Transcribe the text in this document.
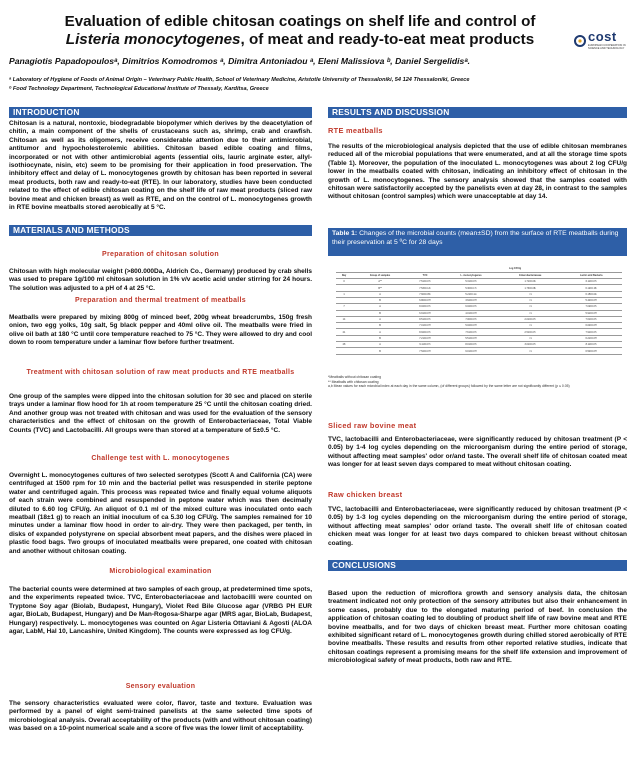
Evaluation of edible chitosan coatings on shelf life and control of
Listeria monocytogenes, of meat and ready-to-eat meat products	cost
EUROPEAN COOPERATION IN SCIENCE AND TECHNOLOGY
Panagiotis Papadopoulosᵃ, Dimitrios Komodromos ᵃ, Dimitra Antoniadou ᵃ, Eleni Malissiova ᵇ, Daniel Sergelidisᵃ.
ᵃ Laboratory of Hygiene of Foods of Animal Origin – Veterinary Public Health, School of Veterinary Medicine, Aristotle University of Thessaloniki, 54 124 Thessaloniki, Greece
ᵇ Food Technology Department, Technological Educational Institute of Thessaly, Karditsa, Greece
INTRODUCTION
Chitosan is a natural, nontoxic, biodegradable biopolymer which derives by the deacetylation of chitin, a main component of the shells of crustaceans such as, shrimp, crab and crawfish. Chitosan as well as its oligomers, receive considerable attention due to their antimicrobial, antitumor and hypocholesterolemic abilities. Chitosan based edible coating and films, incorporated or not with other antimicrobial agents (essential oils, lauric arginate ester, allyl- isothiocynate, nisin, etc) seem to be promising for their application in food preservation. The inhibitory effect and delay of L. monocytogenes growth by chitosan has been reported in several meat products, both raw and ready-to-eat (RTE). In our laboratory, studies have been conducted related to the effect of edible chitosan coating on the shelf life of raw meat products (sliced raw bovine meat and chicken breast) as well as RTE, and on the control of L. monocytogenes growth in RTE bovine meatballs stored aerobically at 5 °C.
MATERIALS AND METHODS
Preparation of chitosan solution
Chitosan with high molecular weight (>800.000Da, Aldrich Co., Germany) produced by crab shells was used to prepare 1g/100 ml chitosan solution in 1% v/v acetic acid under stirring for 24 hours. The solution was adjusted to a pH of 4 at 25 °C.
Preparation and thermal treatment of meatballs
Meatballs were prepared by mixing 800g of minced beef, 200g wheat breadcrumbs, 150g fresh onion, two egg yolks, 10g salt, 5g black pepper and 40ml olive oil. The meatballs were fried in olive oil bath at 180 °C until core temperature reached to 75 °C. They were allowed to dry and cool down to room temperature under a laminar flow before further treatment.
Treatment with chitosan solution of raw meat products and RTE meatballs
One group of the samples were dipped into the chitosan solution for 30 sec and placed on sterile trays under a laminar flow hood for 1h at room temperature 25 °C until the chitosan coating dried. And another group was not treated with chitosan and was used for the evaluation of the sensory characteristics and the effect of chitosan on the growth of Enterobacteriaceae, Total Viable Counts (TVC) and Lactobacilli. All groups were than stored at a temperature of 5±0.5 °C.
Challenge test with L. monocytogenes
Overnight L. monocytogenes cultures of two selected serotypes (Scott A and California (CA) were centrifuged at 1500 rpm for 10 min and the bacterial pellet was resuspended in sterile peptone water and centrifuged again. This process was repeated twice and finally equal volume aliquots of each strain were combined and resuspended in peptone water which was then decimally diluted to 6.60 log CFU/g. An aliquot of 0.1 ml of the mixed culture was inoculated onto each meatball (18±1 g) to reach an initial inoculum of ca 5.30 log CFU/g. The samples remained for 10 minutes under a laminar flow hood in order to air-dry. They were then packaged, per tenth, in disks of expanded polystyrene on special absorbent meat papers, and the dishes were placed in plastic food bags. Two groups of inoculated meatballs were prepared, one coated with chitosan and another without chitosan coating.
Microbiological examination
The bacterial counts were determined at two samples of each group, at predetermined time spots, and the experiments repeated twice. TVC, Enterobacteriaceae and lactobacilli were counted on Tryptone Soy agar (Biolab, Budapest, Hungary), Violet Red Bile Glucose agar (VRBG PH EUR agar, BioLab, Budapest, Hungary) and De Man-Rogosa-Sharpe agar (MRS agar, BioLab, Budapest, Hungary) respectively. L. monocytogenes was counted on Agar Listeria Ottaviani & Agosti (ALOA agar, LabM, Hal 10, Lancashire, United Kingdom). The counts were expressed as log CFU/g.
Sensory evaluation
The sensory characteristics evaluated were color, flavor, taste and texture. Evaluation was performed by a panel of eight semi-trained panelists at the same selected time spots of microbiological analysis. Overall acceptability of the products (with and without chitosan coating) was based on a 10-point numerical scale and a score of five was the lower limit of acceptability.
RESULTS AND DISCUSSION
RTE meatballs
The results of the microbiological analysis depicted that the use of edible chitosan membranes reduced all of the microbial populations that were enumerated, and at all the storage time spots (Table 1). Moreover, the population of the inoculated L. monocytogenes was about 2 log CFU/g lower in the meatballs coated with chitosan, indicating an inhibitory effect of chitosan in the growth of L. monocytogenes. The sensory analysis showed that the samples coated with chitosan were satisfactorily accepted by the panelists even at day 28, in contrast to the samples without chitosan (control samples) which were unacceptable at day 14.
Table 1: Changes of the microbial counts (mean±SD) from the surface of RTE meatballs during their preservation at 5 ºC for 28 days
		Log CFU/g			
Day	Group of samples	TVC	L. monocytogenes	Enterobacteriaceae	Lactic acid Bacteria
0	A**	7.51±0.07ᵃ	5.31±0.07ᵃ	1.71±0.03ᵃ	6.11±0.07ᵃ
	B**	7.53±0.13ᵃ	5.30±0.17ᵃ	1.73±0.08ᵃ	6.12±0.15ᵃ
1	A	7.60±0.05ᵃ	5.21±0.11ᵃ	<1	6.15±0.04ᵃ
	B	6.80±0.07ᵇ	3.62±0.07ᵇ	<1	5.42±0.07ᵇ
7	A	8.02±0.07ᵃ	6.02±0.07ᵃ	<1	7.02±0.07ᵃ
	B	6.91±0.07ᵇ	4.01±0.07ᵇ	<1	5.91±0.07ᵇ
14	A	8.51±0.07ᵃ	7.00±0.07ᵃ	2.01±0.07ᵃ	7.61±0.07ᵃ
	B	7.01±0.07ᵇ	5.02±0.07ᵇ	<1	6.02±0.07ᵇ
21	A	8.92±0.07ᵃ	7.61±0.07ᵃ	2.51±0.07ᵃ	7.91±0.07ᵃ
	B	7.21±0.07ᵇ	5.51±0.07ᵇ	<1	6.21±0.07ᵇ
28	A	9.11±0.07ᵃ	8.01±0.07ᵃ	3.01±0.07ᵃ	8.11±0.07ᵃ
	B	7.52±0.07ᵇ	6.01±0.07ᵇ	<1	6.52±0.07ᵇ
*Meatballs without chitosan coating
** Meatballs with chitosan coating
a,b Mean values for each microbial index at each day in the same column, (of different groups) followed by the same letter are not significantly different (p ≤ 0.05)
Sliced raw bovine meat
TVC, lactobacilli and Enterobacteriaceae, were significantly reduced by chitosan treatment (P < 0.05) by 1-4 log cycles depending on the microorganism during the entire period of storage, without affecting meat samples' odor or/and taste. The overall shelf life of chitosan coated meat was longer for at least seven days compared to meat without chitosan coating.
Raw chicken breast
TVC, lactobacilli and Enterobacteriaceae, were significantly reduced by chitosan treatment (P < 0.05) by 1-3 log cycles depending on the microorganism during the entire period of storage, without affecting meat samples' odor or/and taste. The overall shelf life of chitosan coated chicken meat was longer for at least two days compared to chicken breast without chitosan coating.
CONCLUSIONS
Based upon the reduction of microflora growth and sensory analysis data, the chitosan treatment indicated not only protection of the sensory attributes but also their enhancement in some cases, probably due to the elongated maturing period of beef. In conclusion the application of chitosan coating led to doubling of product shelf life of raw bovine meat and RTE bovine meatballs, and for two days of chicken breast meat. Further more chitosan coating exhibited significant retard of L. monocytogenes growth during chilled stored aerobically of RTE bovine meatballs. These results and results from other reported relative studies, indicate that chitosan coatings represent a promising means for the shelf life extension and improvement of microbiological safety of meat products, both raw and RTE.
